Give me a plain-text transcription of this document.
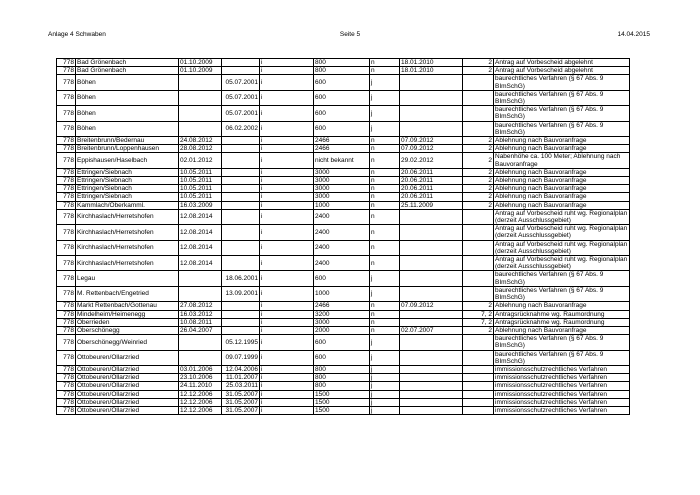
Anlage 4 Schwaben	Seite 5	14.04.2015
778	Bad Grönenbach	01.10.2009		i	800	n	18.01.2010	2	Antrag auf Vorbescheid abgelehnt
778	Bad Grönenbach	01.10.2009		i	800	n	18.01.2010	2	Antrag auf Vorbescheid abgelehnt
778	Böhen		05.07.2001	i	600	j			baurechtliches Verfahren (§ 67 Abs. 9 BImSchG)
778	Böhen		05.07.2001	i	600	j			baurechtliches Verfahren (§ 67 Abs. 9 BImSchG)
778	Böhen		05.07.2001	i	600	j			baurechtliches Verfahren (§ 67 Abs. 9 BImSchG)
778	Böhen		06.02.2002	i	600	j			baurechtliches Verfahren (§ 67 Abs. 9 BImSchG)
778	Breitenbrunn/Bedernau	24.08.2012		i	2466	n	07.09.2012	2	Ablehnung nach Bauvoranfrage
778	Breitenbrunn/Loppenhausen	28.08.2012		i	2466	n	07.09.2012	2	Ablehnung nach Bauvoranfrage
778	Eppishausen/Haselbach	02.01.2012		i	nicht bekannt	n	29.02.2012	2	Nabenhöhe ca. 100 Meter; Ablehnung nach Bauvoranfrage
778	Ettringen/Siebnach	10.05.2011		i	3000	n	20.06.2011	2	Ablehnung nach Bauvoranfrage
778	Ettringen/Siebnach	10.05.2011		i	3000	n	20.06.2011	2	Ablehnung nach Bauvoranfrage
778	Ettringen/Siebnach	10.05.2011		i	3000	n	20.06.2011	2	Ablehnung nach Bauvoranfrage
778	Ettringen/Siebnach	10.05.2011		i	3000	n	20.06.2011	2	Ablehnung nach Bauvoranfrage
778	Kammlach/Oberkamml.	16.03.2009		i	1000	n	25.11.2009	2	Ablehnung nach Bauvoranfrage
778	Kirchhaslach/Herretshofen	12.08.2014		i	2400	n			Antrag auf Vorbescheid ruht wg. Regionalplan (derzeit Ausschlussgebiet)
778	Kirchhaslach/Herretshofen	12.08.2014		i	2400	n			Antrag auf Vorbescheid ruht wg. Regionalplan (derzeit Ausschlussgebiet)
778	Kirchhaslach/Herretshofen	12.08.2014		i	2400	n			Antrag auf Vorbescheid ruht wg. Regionalplan (derzeit Ausschlussgebiet)
778	Kirchhaslach/Herretshofen	12.08.2014		i	2400	n			Antrag auf Vorbescheid ruht wg. Regionalplan (derzeit Ausschlussgebiet)
778	Legau		18.06.2001	i	600	j			baurechtliches Verfahren (§ 67 Abs. 9 BImSchG)
778	M. Rettenbach/Engetried		13.09.2001	i	1000	j			baurechtliches Verfahren (§ 67 Abs. 9 BImSchG)
778	Markt Rettenbach/Gottenau	27.08.2012		i	2466	n	07.09.2012	2	Ablehnung nach Bauvoranfrage
778	Mindelheim/Heimenegg	16.03.2012		i	3200	n		7, 2	Antragsrücknahme wg. Raumordnung
778	Oberrieden	10.08.2011		i	3000	n		7, 2	Antragsrücknahme wg. Raumordnung
778	Oberschönegg	26.04.2007		i	2000	n	02.07.2007	2	Ablehnung nach Bauvoranfrage
778	Oberschönegg/Weinried		05.12.1995	i	600	j			baurechtliches Verfahren (§ 67 Abs. 9 BImSchG)
778	Ottobeuren/Ollarzried		09.07.1999	i	600	j			baurechtliches Verfahren (§ 67 Abs. 9 BImSchG)
778	Ottobeuren/Ollarzried	03.01.2006	12.04.2006	i	800	j			immissionsschutzrechtliches Verfahren
778	Ottobeuren/Ollarzried	23.10.2006	11.01.2007	i	800	j			immissionsschutzrechtliches Verfahren
778	Ottobeuren/Ollarzried	24.11.2010	25.03.2011	i	800	j			immissionsschutzrechtliches Verfahren
778	Ottobeuren/Ollarzried	12.12.2006	31.05.2007	i	1500	j			immissionsschutzrechtliches Verfahren
778	Ottobeuren/Ollarzried	12.12.2006	31.05.2007	i	1500	j			immissionsschutzrechtliches Verfahren
778	Ottobeuren/Ollarzried	12.12.2006	31.05.2007	i	1500	j			immissionsschutzrechtliches Verfahren
